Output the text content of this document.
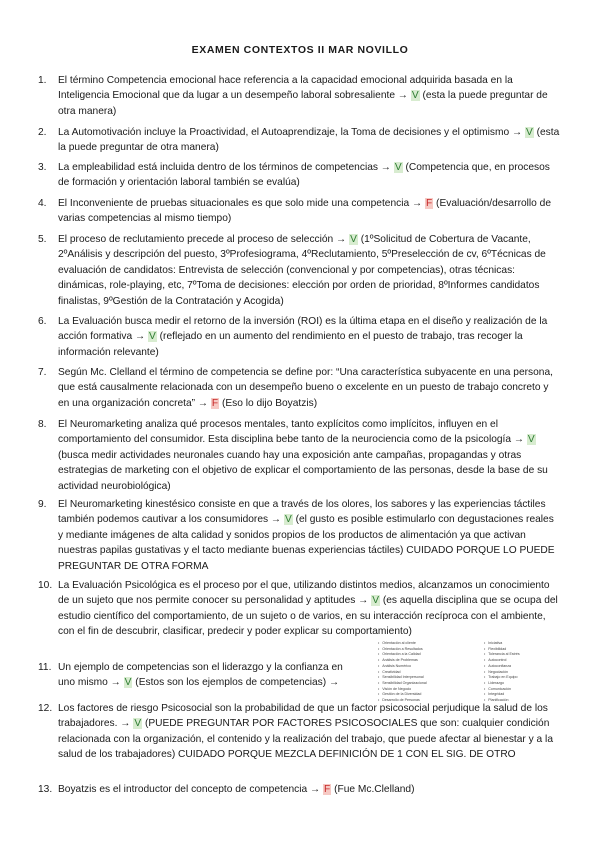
EXAMEN CONTEXTOS II MAR NOVILLO
1.	El término Competencia emocional hace referencia a la capacidad emocional adquirida basada en la Inteligencia Emocional que da lugar a un desempeño laboral sobresaliente → V (esta la puede preguntar de otra manera)
2.	La Automotivación incluye la Proactividad, el Autoaprendizaje, la Toma de decisiones y el optimismo → V (esta la puede preguntar de otra manera)
3.	La empleabilidad está incluida dentro de los términos de competencias → V (Competencia que, en procesos de formación y orientación laboral también se evalúa)
4.	El Inconveniente de pruebas situacionales es que solo mide una competencia → F (Evaluación/desarrollo de varias competencias al mismo tiempo)
5.	El proceso de reclutamiento precede al proceso de selección → V (1ºSolicitud de Cobertura de Vacante, 2ºAnálisis y descripción del puesto, 3ºProfesiograma, 4ºReclutamiento, 5ºPreselección de cv, 6ºTécnicas de evaluación de candidatos: Entrevista de selección (convencional y por competencias), otras técnicas: dinámicas, role-playing, etc, 7ºToma de decisiones: elección por orden de prioridad, 8ºInformes candidatos finalistas, 9ºGestión de la Contratación y Acogida)
6.	La Evaluación busca medir el retorno de la inversión (ROI) es la última etapa en el diseño y realización de la acción formativa → V (reflejado en un aumento del rendimiento en el puesto de trabajo, tras recoger la información relevante)
7.	Según Mc. Clelland el término de competencia se define por: “Una característica subyacente en una persona, que está causalmente relacionada con un desempeño bueno o excelente en un puesto de trabajo concreto y en una organización concreta” → F (Eso lo dijo Boyatzis)
8.	El Neuromarketing analiza qué procesos mentales, tanto explícitos como implícitos, influyen en el comportamiento del consumidor. Esta disciplina bebe tanto de la neurociencia como de la psicología → V (busca medir actividades neuronales cuando hay una exposición ante campañas, propagandas y otras estrategias de marketing con el objetivo de explicar el comportamiento de las personas, desde la base de su actividad neurobiológica)
9.	El Neuromarketing kinestésico consiste en que a través de los olores, los sabores y las experiencias táctiles también podemos cautivar a los consumidores → V (el gusto es posible estimularlo con degustaciones reales y mediante imágenes de alta calidad y sonidos propios de los productos de alimentación ya que activan nuestras papilas gustativas y el tacto mediante buenas experiencias táctiles) CUIDADO PORQUE LO PUEDE PREGUNTAR DE OTRA FORMA
10. La Evaluación Psicológica es el proceso por el que, utilizando distintos medios, alcanzamos un conocimiento de un sujeto que nos permite conocer su personalidad y aptitudes → V (es aquella disciplina que se ocupa del estudio científico del comportamiento, de un sujeto o de varios, en su interacción recíproca con el ambiente, con el fin de descubrir, clasificar, predecir y poder explicar su comportamiento)
11. Un ejemplo de competencias son el liderazgo y la confianza en uno mismo → V (Estos son los ejemplos de competencias) →
12. Los factores de riesgo Psicosocial son la probabilidad de que un factor psicosocial perjudique la salud de los trabajadores. → V (PUEDE PREGUNTAR POR FACTORES PSICOSOCIALES que son: cualquier condición relacionada con la organización, el contenido y la realización del trabajo, que puede afectar al bienestar y a la salud de los trabajadores) CUIDADO PORQUE MEZCLA DEFINICIÓN DE 1 CON EL SIG. DE OTRO
13. Boyatzis es el introductor del concepto de competencia → F (Fue Mc.Clelland)
• Orientación al cliente
• Orientación a Resultados
• Orientación a la Calidad
• Análisis de Problemas
• Análisis Numérico
• Creatividad
• Sensibilidad Interpersonal
• Sensibilidad Organizacional
• Visión de Negocio
• Gestión de la Diversidad
• Desarrollo de Personas
• Iniciativa
• Flexibilidad
• Tolerancia al Estrés
• Autocontrol
• Autoconfianza
• Negociación
• Trabajo en Equipo
• Liderazgo
• Comunicación
• Integridad
• Planificación
